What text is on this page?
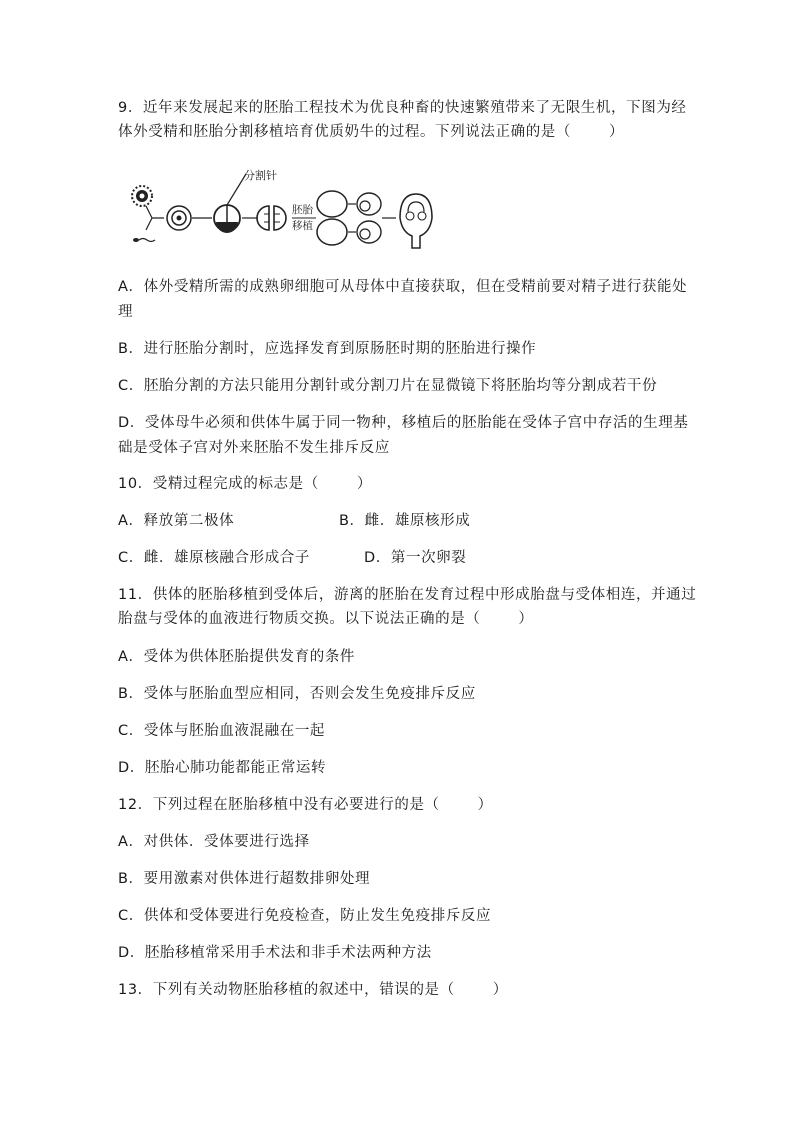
9．近年来发展起来的胚胎工程技术为优良种畜的快速繁殖带来了无限生机，下图为经
体外受精和胚胎分割移植培育优质奶牛的过程。下列说法正确的是（	）
分割针
胚胎
移植
A．体外受精所需的成熟卵细胞可从母体中直接获取，但在受精前要对精子进行获能处
理
B．进行胚胎分割时，应选择发育到原肠胚时期的胚胎进行操作
C．胚胎分割的方法只能用分割针或分割刀片在显微镜下将胚胎均等分割成若干份
D．受体母牛必须和供体牛属于同一物种，移植后的胚胎能在受体子宫中存活的生理基
础是受体子宫对外来胚胎不发生排斥反应
10．受精过程完成的标志是（	）
A．释放第二极体	B．雌．雄原核形成
C．雌．雄原核融合形成合子	D．第一次卵裂
11．供体的胚胎移植到受体后，游离的胚胎在发育过程中形成胎盘与受体相连，并通过
胎盘与受体的血液进行物质交换。以下说法正确的是（	）
A．受体为供体胚胎提供发育的条件
B．受体与胚胎血型应相同，否则会发生免疫排斥反应
C．受体与胚胎血液混融在一起
D．胚胎心肺功能都能正常运转
12．下列过程在胚胎移植中没有必要进行的是（	）
A．对供体．受体要进行选择
B．要用激素对供体进行超数排卵处理
C．供体和受体要进行免疫检查，防止发生免疫排斥反应
D．胚胎移植常采用手术法和非手术法两种方法
13．下列有关动物胚胎移植的叙述中，错误的是（	）
